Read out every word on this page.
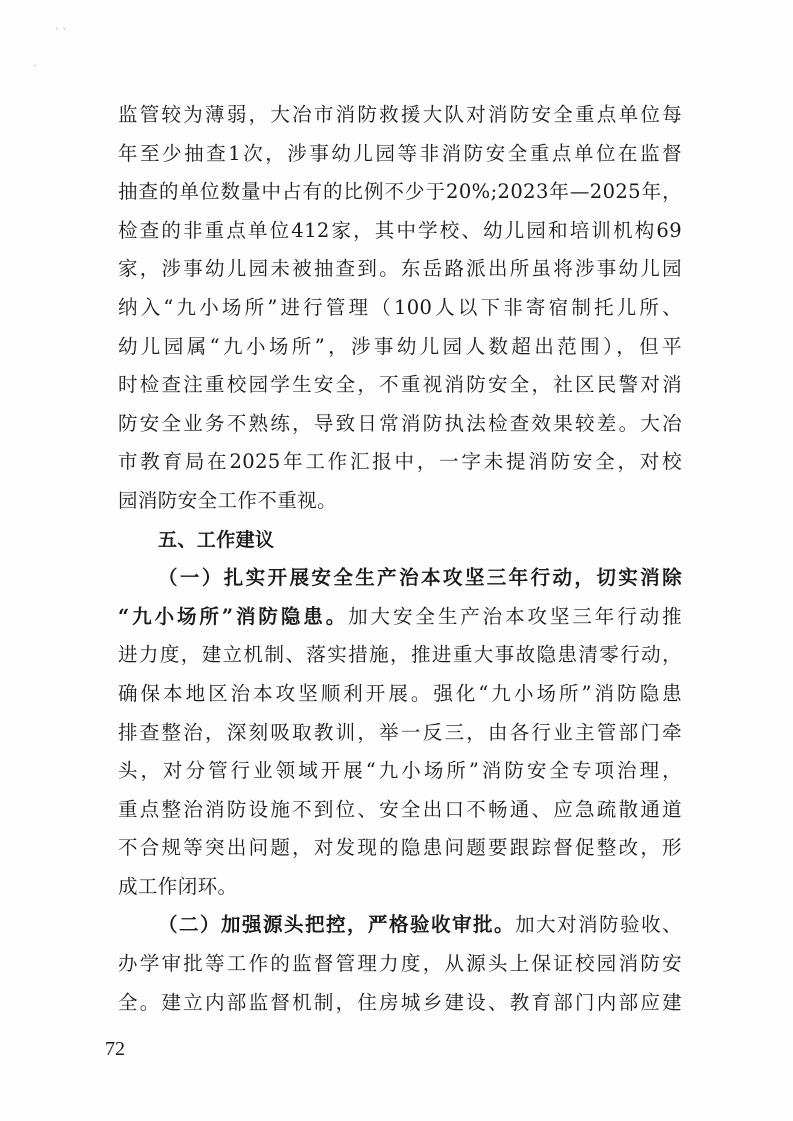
` `
`
监管较为薄弱，大冶市消防救援大队对消防安全重点单位每
年至少抽查1次，涉事幼儿园等非消防安全重点单位在监督
抽查的单位数量中占有的比例不少于20%;2023年—2025年，
检查的非重点单位412家，其中学校、幼儿园和培训机构69
家，涉事幼儿园未被抽查到。东岳路派出所虽将涉事幼儿园
纳入“九小场所”进行管理（100人以下非寄宿制托儿所、
幼儿园属“九小场所”，涉事幼儿园人数超出范围），但平
时检查注重校园学生安全，不重视消防安全，社区民警对消
防安全业务不熟练，导致日常消防执法检查效果较差。大冶
市教育局在2025年工作汇报中，一字未提消防安全，对校
园消防安全工作不重视。
五、工作建议
（一）扎实开展安全生产治本攻坚三年行动，切实消除
“九小场所”消防隐患。加大安全生产治本攻坚三年行动推
进力度，建立机制、落实措施，推进重大事故隐患清零行动，
确保本地区治本攻坚顺利开展。强化“九小场所”消防隐患
排查整治，深刻吸取教训，举一反三，由各行业主管部门牵
头，对分管行业领域开展“九小场所”消防安全专项治理，
重点整治消防设施不到位、安全出口不畅通、应急疏散通道
不合规等突出问题，对发现的隐患问题要跟踪督促整改，形
成工作闭环。
（二）加强源头把控，严格验收审批。加大对消防验收、
办学审批等工作的监督管理力度，从源头上保证校园消防安
全。建立内部监督机制，住房城乡建设、教育部门内部应建
72
